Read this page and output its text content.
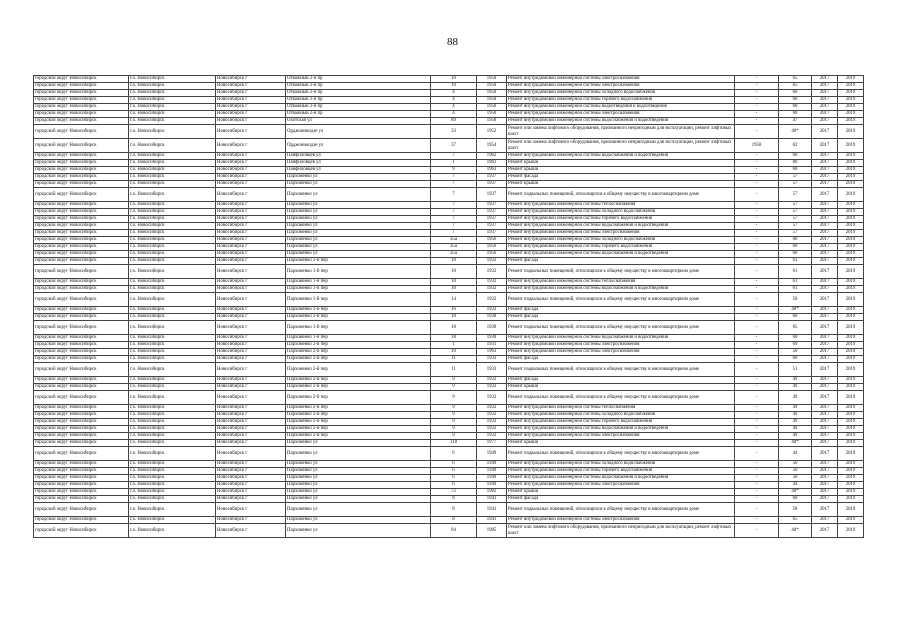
88
городской округ Новосибирск	г.о. Новосибирск	Новосибирск г	Отважный 2-й пр	10	1950	Ремонт внутридомовой инженерной системы электроснабжения	-	65	2017	2019
городской округ Новосибирск	г.о. Новосибирск	Новосибирск г	Отважный 2-й пр	10	1950	Ремонт внутридомовой инженерной системы электроснабжения	-	65	2017	2019
городской округ Новосибирск	г.о. Новосибирск	Новосибирск г	Отважный 2-й пр	4	1950	Ремонт внутридомовой инженерной системы холодного водоснабжения	-	60	2017	2019
городской округ Новосибирск	г.о. Новосибирск	Новосибирск г	Отважный 2-й пр	4	1950	Ремонт внутридомовой инженерной системы горячего водоснабжения	-	60	2017	2019
городской округ Новосибирск	г.о. Новосибирск	Новосибирск г	Отважный 2-й пр	4	1950	Ремонт внутридомовой инженерной системы водоотведения и водоотведения	-	60	2017	2019
городской округ Новосибирск	г.о. Новосибирск	Новосибирск г	Отважный 2-й пр	4	1950	Ремонт внутридомовой инженерной системы электроснабжения	-	60	2017	2019
городской округ Новосибирск	г.о. Новосибирск	Новосибирск г	Охотская ул	89	1958	Ремонт внутридомовой инженерной системы водоснабжения и водоотведения	-	47	2017	2019
городской округ Новосибирск	г.о. Новосибирск	Новосибирск г	Орджоникидзе ул	33	1952	Ремонт или замена лифтового оборудования, признанного непригодным для эксплуатации, ремонт лифтовых шахт	-	40*	2017	2019
городской округ Новосибирск	г.о. Новосибирск	Новосибирск г	Орджоникидзе ул	37	1954	Ремонт или замена лифтового оборудования, признанного непригодным для эксплуатации, ремонт лифтовых шахт	1950	62	2017	2019
городской округ Новосибирск	г.о. Новосибирск	Новосибирск г	Панфиловцев ул	7	1962	Ремонт внутридомовой инженерной системы водоснабжения и водоотведения	-	60	2017	2019
городской округ Новосибирск	г.о. Новосибирск	Новосибирск г	Панфиловцев ул	1	1961	Ремонт крыши	-	80	2017	2019
городской округ Новосибирск	г.о. Новосибирск	Новосибирск г	Панфиловцев ул	9	1963	Ремонт крыши	-	60	2017	2019
городской округ Новосибирск	г.о. Новосибирск	Новосибирск г	Пархоменко ул	7	1937	Ремонт фасада	-	57	2017	2019
городской округ Новосибирск	г.о. Новосибирск	Новосибирск г	Пархоменко ул	7	1937	Ремонт крыши	-	57	2017	2019
городской округ Новосибирск	г.о. Новосибирск	Новосибирск г	Пархоменко ул	7	1937	Ремонт подвальных помещений, относящихся к общему имуществу в многоквартирном доме	-	57	2017	2019
городской округ Новосибирск	г.о. Новосибирск	Новосибирск г	Пархоменко ул	7	1937	Ремонт внутридомовой инженерной системы теплоснабжения	-	57	2017	2019
городской округ Новосибирск	г.о. Новосибирск	Новосибирск г	Пархоменко ул	7	1937	Ремонт внутридомовой инженерной системы холодного водоснабжения	-	57	2017	2019
городской округ Новосибирск	г.о. Новосибирск	Новосибирск г	Пархоменко ул	7	1937	Ремонт внутридомовой инженерной системы горячего водоснабжения	-	57	2017	2019
городской округ Новосибирск	г.о. Новосибирск	Новосибирск г	Пархоменко ул	7	1937	Ремонт внутридомовой инженерной системы водоснабжения и водоотведения	-	57	2017	2019
городской округ Новосибирск	г.о. Новосибирск	Новосибирск г	Пархоменко ул	7	1937	Ремонт внутридомовой инженерной системы электроснабжения	-	57	2017	2019
городской округ Новосибирск	г.о. Новосибирск	Новосибирск г	Пархоменко ул	35а	1956	Ремонт внутридомовой инженерной системы холодного водоснабжения	-	60	2017	2019
городской округ Новосибирск	г.о. Новосибирск	Новосибирск г	Пархоменко ул	35а	1956	Ремонт внутридомовой инженерной системы горячего водоснабжения	-	60	2017	2019
городской округ Новосибирск	г.о. Новосибирск	Новосибирск г	Пархоменко ул	35а	1956	Ремонт внутридомовой инженерной системы водоснабжения и водоотведения	-	60	2017	2019
городской округ Новосибирск	г.о. Новосибирск	Новосибирск г	Пархоменко 1-й пер	10	1932	Ремонт фасада	-	61	2017	2019
городской округ Новосибирск	г.о. Новосибирск	Новосибирск г	Пархоменко 1-й пер	10	1932	Ремонт подвальных помещений, относящихся к общему имуществу в многоквартирном доме	-	61	2017	2019
городской округ Новосибирск	г.о. Новосибирск	Новосибирск г	Пархоменко 1-й пер	10	1932	Ремонт внутридомовой инженерной системы теплоснабжения	-	61	2017	2019
городской округ Новосибирск	г.о. Новосибирск	Новосибирск г	Пархоменко 1-й пер	10	1932	Ремонт внутридомовой инженерной системы водоснабжения и водоотведения	-	61	2017	2019
городской округ Новосибирск	г.о. Новосибирск	Новосибирск г	Пархоменко 1-й пер	14	1932	Ремонт подвальных помещений, относящихся к общему имуществу в многоквартирном доме	-	50	2017	2019
городской округ Новосибирск	г.о. Новосибирск	Новосибирск г	Пархоменко 1-й пер	16	1932	Ремонт фасада	-	40*	2017	2019
городской округ Новосибирск	г.о. Новосибирск	Новосибирск г	Пархоменко 1-й пер	18	1930	Ремонт фасада	-	60	2017	2019
городской округ Новосибирск	г.о. Новосибирск	Новосибирск г	Пархоменко 1-й пер	18	1930	Ремонт подвальных помещений, относящихся к общему имуществу в многоквартирном доме	-	65	2017	2019
городской округ Новосибирск	г.о. Новосибирск	Новосибирск г	Пархоменко 1-й пер	18	1930	Ремонт внутридомовой инженерной системы водоснабжения и водоотведения	-	60	2017	2019
городской округ Новосибирск	г.о. Новосибирск	Новосибирск г	Пархоменко 2-й пер	1	1931	Ремонт внутридомовой инженерной системы электроснабжения	-	69	2017	2019
городской округ Новосибирск	г.о. Новосибирск	Новосибирск г	Пархоменко 2-й пер	10	1963	Ремонт внутридомовой инженерной системы электроснабжения	-	50	2017	2019
городской округ Новосибирск	г.о. Новосибирск	Новосибирск г	Пархоменко 2-й пер	11	1933	Ремонт фасада	-	60	2017	2019
городской округ Новосибирск	г.о. Новосибирск	Новосибирск г	Пархоменко 2-й пер	11	1933	Ремонт подвальных помещений, относящихся к общему имуществу в многоквартирном доме	-	51	2017	2019
городской округ Новосибирск	г.о. Новосибирск	Новосибирск г	Пархоменко 2-й пер	9	1932	Ремонт фасада	-	49	2017	2019
городской округ Новосибирск	г.о. Новосибирск	Новосибирск г	Пархоменко 2-й пер	9	1932	Ремонт крыши	-	49	2017	2019
городской округ Новосибирск	г.о. Новосибирск	Новосибирск г	Пархоменко 2-й пер	9	1932	Ремонт подвальных помещений, относящихся к общему имуществу в многоквартирном доме	-	49	2017	2019
городской округ Новосибирск	г.о. Новосибирск	Новосибирск г	Пархоменко 2-й пер	9	1932	Ремонт внутридомовой инженерной системы теплоснабжения	-	49	2017	2019
городской округ Новосибирск	г.о. Новосибирск	Новосибирск г	Пархоменко 2-й пер	9	1932	Ремонт внутридомовой инженерной системы холодного водоснабжения	-	49	2017	2019
городской округ Новосибирск	г.о. Новосибирск	Новосибирск г	Пархоменко 2-й пер	9	1932	Ремонт внутридомовой инженерной системы горячего водоснабжения	-	49	2017	2019
городской округ Новосибирск	г.о. Новосибирск	Новосибирск г	Пархоменко 2-й пер	9	1932	Ремонт внутридомовой инженерной системы водоснабжения и водоотведения	-	49	2017	2019
городской округ Новосибирск	г.о. Новосибирск	Новосибирск г	Пархоменко 2-й пер	9	1932	Ремонт внутридомовой инженерной системы электроснабжения	-	49	2017	2019
городской округ Новосибирск	г.о. Новосибирск	Новосибирск г	Пархоменко ул	118	1977	Ремонт крыши	-	40*	2017	2019
городской округ Новосибирск	г.о. Новосибирск	Новосибирск г	Пархоменко ул	6	1949	Ремонт подвальных помещений, относящихся к общему имуществу в многоквартирном доме	-	44	2017	2019
городской округ Новосибирск	г.о. Новосибирск	Новосибирск г	Пархоменко ул	6	1949	Ремонт внутридомовой инженерной системы холодного водоснабжения	-	50	2017	2019
городской округ Новосибирск	г.о. Новосибирск	Новосибирск г	Пархоменко ул	6	1949	Ремонт внутридомовой инженерной системы горячего водоснабжения	-	50	2017	2019
городской округ Новосибирск	г.о. Новосибирск	Новосибирск г	Пархоменко ул	6	1949	Ремонт внутридомовой инженерной системы водоснабжения и водоотведения	-	50	2017	2019
городской округ Новосибирск	г.о. Новосибирск	Новосибирск г	Пархоменко ул	6	1949	Ремонт внутридомовой инженерной системы электроснабжения	-	44	2017	2019
городской округ Новосибирск	г.о. Новосибирск	Новосибирск г	Пархоменко ул	72	1982	Ремонт крыши	-	40*	2017	2019
городской округ Новосибирск	г.о. Новосибирск	Новосибирск г	Пархоменко ул	8	1941	Ремонт фасада	-	60	2017	2019
городской округ Новосибирск	г.о. Новосибирск	Новосибирск г	Пархоменко ул	8	1941	Ремонт подвальных помещений, относящихся к общему имуществу в многоквартирном доме	-	58	2017	2019
городской округ Новосибирск	г.о. Новосибирск	Новосибирск г	Пархоменко ул	8	1941	Ремонт внутридомовой инженерной системы электроснабжения	-	65	2017	2019
городской округ Новосибирск	г.о. Новосибирск	Новосибирск г	Пархоменко ул	84	1985	Ремонт или замена лифтового оборудования, признанного непригодным для эксплуатации, ремонт лифтовых шахт	-	40*	2017	2019
